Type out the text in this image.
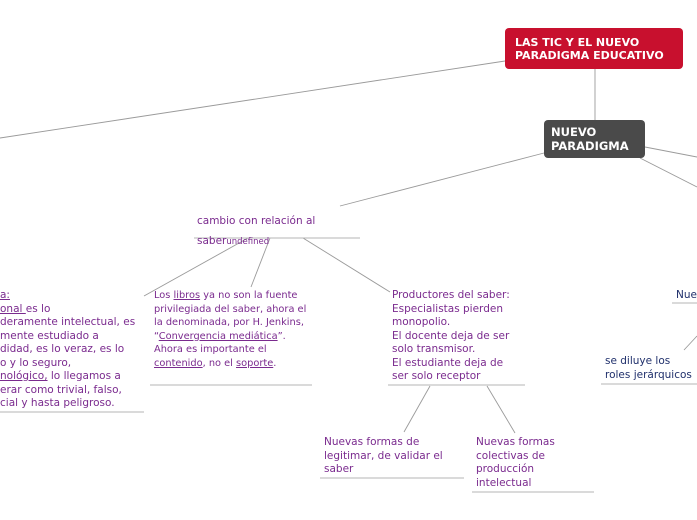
LAS TIC Y EL NUEVO PARADIGMA EDUCATIVO
NUEVO PARADIGMA
cambio con relación al saberundefined

a:

onal es lo

deramente intelectual, es

mente estudiado a

didad, es lo veraz, es lo

o y lo seguro,

nológico, lo llegamos a

erar como trivial, falso,

cial y hasta peligroso.

Los libros ya no son la fuente privilegiada del saber, ahora el la denominada, por H. Jenkins, “Convergencia mediática”. Ahora es importante el contenido, no el soporte.

Productores del saber: Especialistas pierden monopolio.

El docente deja de ser solo transmisor.

El estudiante deja de ser solo receptor

Nuevas formas de legitimar, de validar el saber
Nuevas formas colectivas de producción intelectual
Nue
se diluye los roles jerárquicos
